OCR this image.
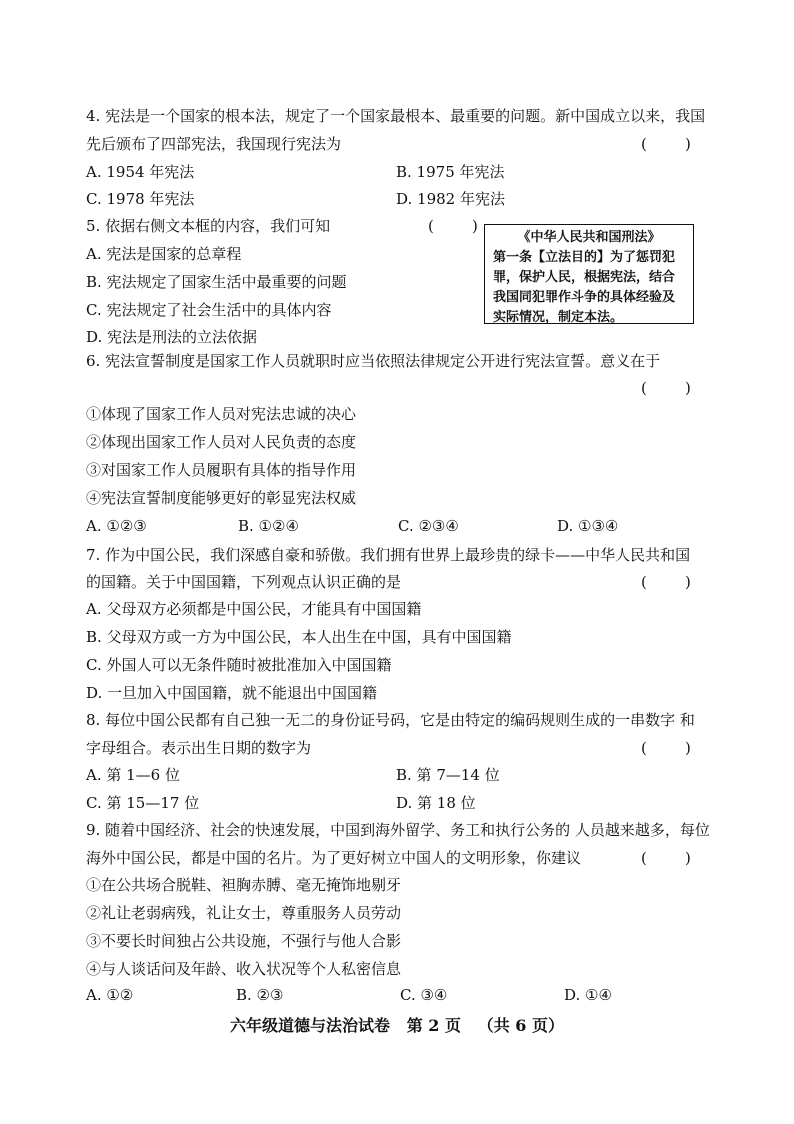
4. 宪法是一个国家的根本法，规定了一个国家最根本、最重要的问题。新中国成立以来，我国
先后颁布了四部宪法，我国现行宪法为	(        )
A. 1954 年宪法	B. 1975 年宪法
C. 1978 年宪法	D. 1982 年宪法
5. 依据右侧文本框的内容，我们可知	(        )
A. 宪法是国家的总章程
B. 宪法规定了国家生活中最重要的问题
C. 宪法规定了社会生活中的具体内容
D. 宪法是刑法的立法依据
《中华人民共和国刑法》
第一条【立法目的】为了惩罚犯
罪，保护人民，根据宪法，结合
我国同犯罪作斗争的具体经验及
实际情况，制定本法。
6. 宪法宣誓制度是国家工作人员就职时应当依照法律规定公开进行宪法宣誓。意义在于
(        )
①体现了国家工作人员对宪法忠诚的决心
②体现出国家工作人员对人民负责的态度
③对国家工作人员履职有具体的指导作用
④宪法宣誓制度能够更好的彰显宪法权威
A. ①②③	B. ①②④	C. ②③④	D. ①③④
7. 作为中国公民，我们深感自豪和骄傲。我们拥有世界上最珍贵的绿卡——中华人民共和国
的国籍。关于中国国籍，下列观点认识正确的是	(        )
A. 父母双方必须都是中国公民，才能具有中国国籍
B. 父母双方或一方为中国公民，本人出生在中国，具有中国国籍
C. 外国人可以无条件随时被批准加入中国国籍
D. 一旦加入中国国籍，就不能退出中国国籍
8. 每位中国公民都有自己独一无二的身份证号码，它是由特定的编码规则生成的一串数字 和
字母组合。表示出生日期的数字为	(        )
A. 第 1—6 位	B. 第 7—14 位
C. 第 15—17 位	D. 第 18 位
9. 随着中国经济、社会的快速发展，中国到海外留学、务工和执行公务的 人员越来越多，每位
海外中国公民，都是中国的名片。为了更好树立中国人的文明形象，你建议	(        )
①在公共场合脱鞋、袒胸赤膊、毫无掩饰地剔牙
②礼让老弱病残，礼让女士，尊重服务人员劳动
③不要长时间独占公共设施，不强行与他人合影
④与人谈话问及年龄、收入状况等个人私密信息
A. ①②	B. ②③	C. ③④	D. ①④
六年级道德与法治试卷   第 2 页   （共 6 页）
